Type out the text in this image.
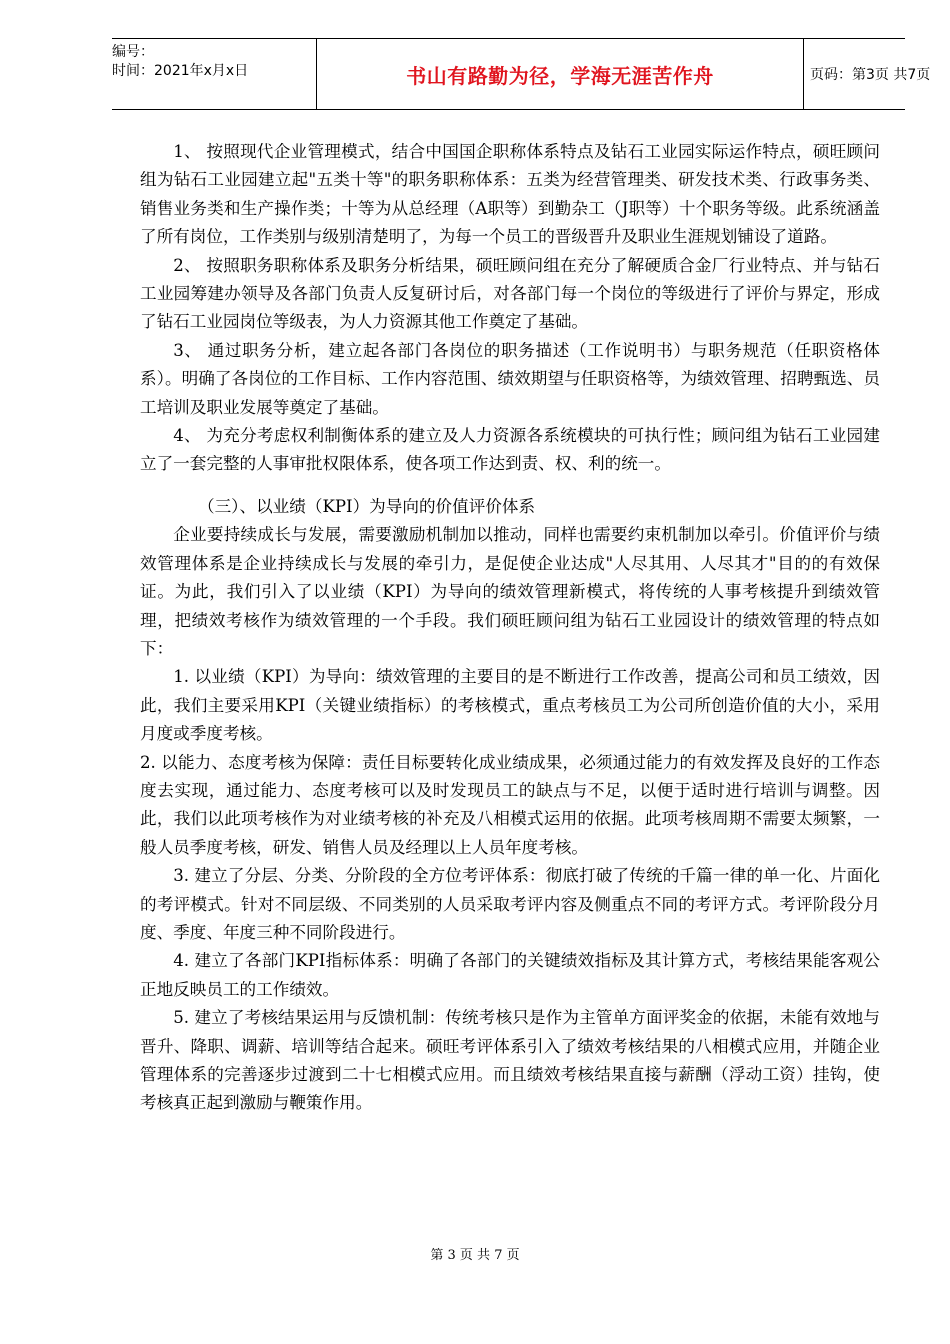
编号：
时间：2021年x月x日	书山有路勤为径，学海无涯苦作舟	页码：第3页 共7页

1、 按照现代企业管理模式，结合中国国企职称体系特点及钻石工业园实际运作特点，硕旺顾问组为钻石工业园建立起"五类十等"的职务职称体系：五类为经营管理类、研发技术类、行政事务类、销售业务类和生产操作类；十等为从总经理（A职等）到勤杂工（J职等）十个职务等级。此系统涵盖了所有岗位，工作类别与级别清楚明了，为每一个员工的晋级晋升及职业生涯规划铺设了道路。

2、 按照职务职称体系及职务分析结果，硕旺顾问组在充分了解硬质合金厂行业特点、并与钻石工业园筹建办领导及各部门负责人反复研讨后，对各部门每一个岗位的等级进行了评价与界定，形成了钻石工业园岗位等级表，为人力资源其他工作奠定了基础。

3、 通过职务分析，建立起各部门各岗位的职务描述（工作说明书）与职务规范（任职资格体系）。明确了各岗位的工作目标、工作内容范围、绩效期望与任职资格等，为绩效管理、招聘甄选、员工培训及职业发展等奠定了基础。

4、 为充分考虑权利制衡体系的建立及人力资源各系统模块的可执行性；顾问组为钻石工业园建立了一套完整的人事审批权限体系，使各项工作达到责、权、利的统一。

（三）、以业绩（KPI）为导向的价值评价体系

企业要持续成长与发展，需要激励机制加以推动，同样也需要约束机制加以牵引。价值评价与绩效管理体系是企业持续成长与发展的牵引力，是促使企业达成"人尽其用、人尽其才"目的的有效保证。为此，我们引入了以业绩（KPI）为导向的绩效管理新模式，将传统的人事考核提升到绩效管理，把绩效考核作为绩效管理的一个手段。我们硕旺顾问组为钻石工业园设计的绩效管理的特点如下：

1. 以业绩（KPI）为导向：绩效管理的主要目的是不断进行工作改善，提高公司和员工绩效，因此，我们主要采用KPI（关键业绩指标）的考核模式，重点考核员工为公司所创造价值的大小，采用月度或季度考核。

2. 以能力、态度考核为保障：责任目标要转化成业绩成果，必须通过能力的有效发挥及良好的工作态度去实现，通过能力、态度考核可以及时发现员工的缺点与不足，以便于适时进行培训与调整。因此，我们以此项考核作为对业绩考核的补充及八相模式运用的依据。此项考核周期不需要太频繁，一般人员季度考核，研发、销售人员及经理以上人员年度考核。

3. 建立了分层、分类、分阶段的全方位考评体系：彻底打破了传统的千篇一律的单一化、片面化的考评模式。针对不同层级、不同类别的人员采取考评内容及侧重点不同的考评方式。考评阶段分月度、季度、年度三种不同阶段进行。

4. 建立了各部门KPI指标体系：明确了各部门的关键绩效指标及其计算方式，考核结果能客观公正地反映员工的工作绩效。

5. 建立了考核结果运用与反馈机制：传统考核只是作为主管单方面评奖金的依据，未能有效地与晋升、降职、调薪、培训等结合起来。硕旺考评体系引入了绩效考核结果的八相模式应用，并随企业管理体系的完善逐步过渡到二十七相模式应用。而且绩效考核结果直接与薪酬（浮动工资）挂钩，使考核真正起到激励与鞭策作用。

第 3 页 共 7 页
